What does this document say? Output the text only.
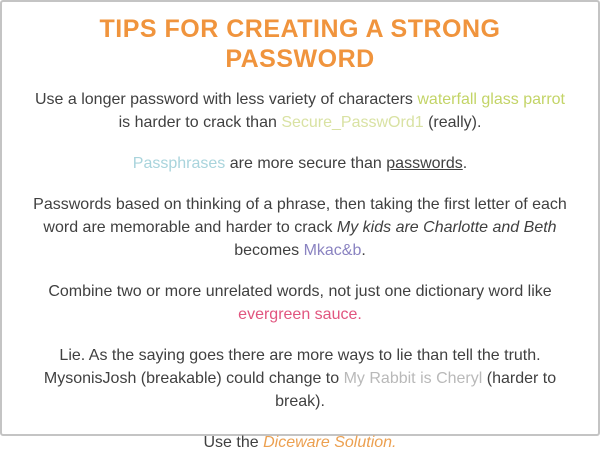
TIPS FOR CREATING A STRONG PASSWORD

Use a longer password with less variety of characters waterfall glass parrot is harder to crack than Secure_PasswOrd1 (really).

Passphrases are more secure than passwords.

Passwords based on thinking of a phrase, then taking the first letter of each word are memorable and harder to crack My kids are Charlotte and Beth becomes Mkac&b.

Combine two or more unrelated words, not just one dictionary word like evergreen sauce.

Lie. As the saying goes there are more ways to lie than tell the truth. MysonisJosh (breakable) could change to My Rabbit is Cheryl (harder to break).

Use the Diceware Solution.
